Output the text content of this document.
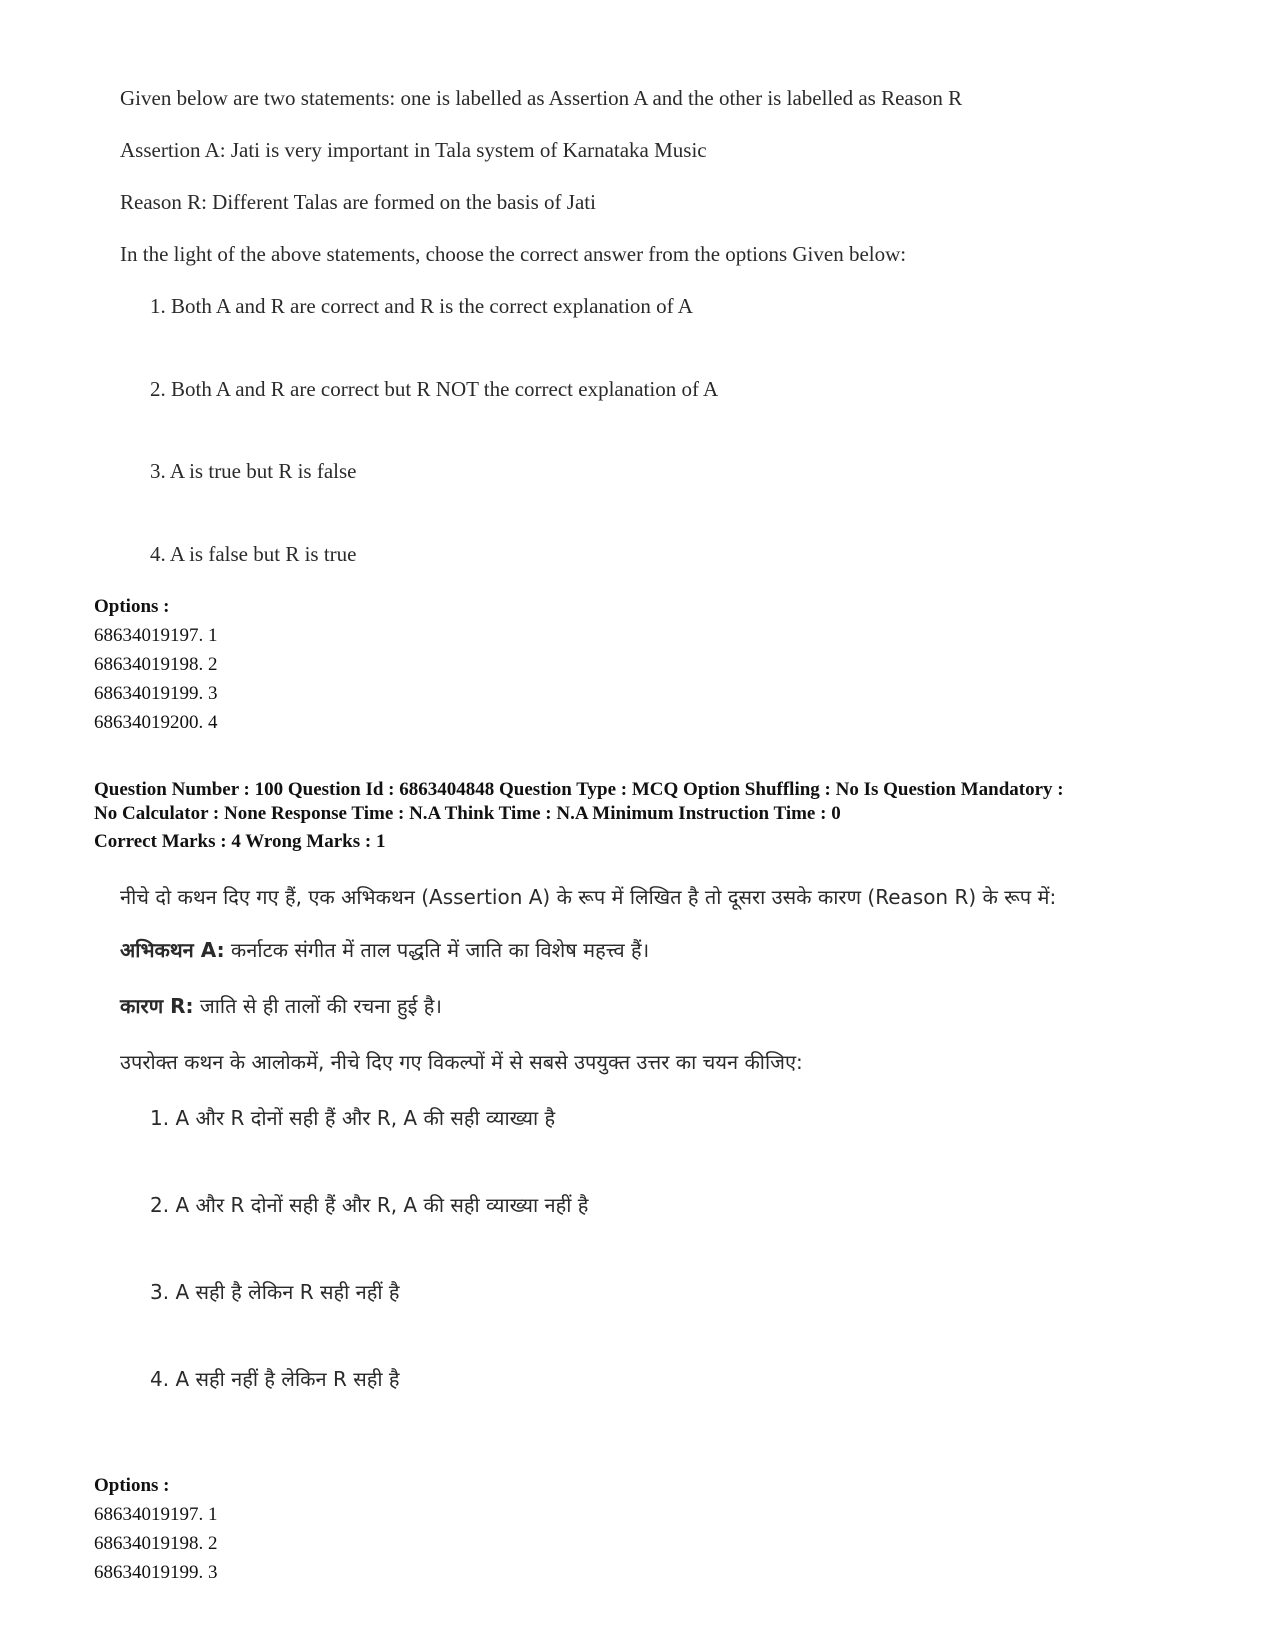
Given below are two statements: one is labelled as Assertion A and the other is labelled as Reason R
Assertion A: Jati is very important in Tala system of Karnataka Music
Reason R: Different Talas are formed on the basis of Jati
In the light of the above statements, choose the correct answer from the options Given below:
1. Both A and R are correct and R is the correct explanation of A
2. Both A and R are correct but R NOT the correct explanation of A
3. A is true but R is false
4. A is false but R is true
Options :
68634019197. 1
68634019198. 2
68634019199. 3
68634019200. 4
Question Number : 100 Question Id : 6863404848 Question Type : MCQ Option Shuffling : No Is Question Mandatory :
No Calculator : None Response Time : N.A Think Time : N.A Minimum Instruction Time : 0
Correct Marks : 4 Wrong Marks : 1
नीचे दो कथन दिए गए हैं, एक अभिकथन (Assertion A) के रूप में लिखित है तो दूसरा उसके कारण (Reason R) के रूप में:
अभिकथन A: कर्नाटक संगीत में ताल पद्धति में जाति का विशेष महत्त्व हैं।
कारण R: जाति से ही तालों की रचना हुई है।
उपरोक्त कथन के आलोकमें, नीचे दिए गए विकल्पों में से सबसे उपयुक्त उत्तर का चयन कीजिए:
1. A और R दोनों सही हैं और R, A की सही व्याख्या है
2. A और R दोनों सही हैं और R, A की सही व्याख्या नहीं है
3. A सही है लेकिन R सही नहीं है
4. A सही नहीं है लेकिन R सही है
Options :
68634019197. 1
68634019198. 2
68634019199. 3
